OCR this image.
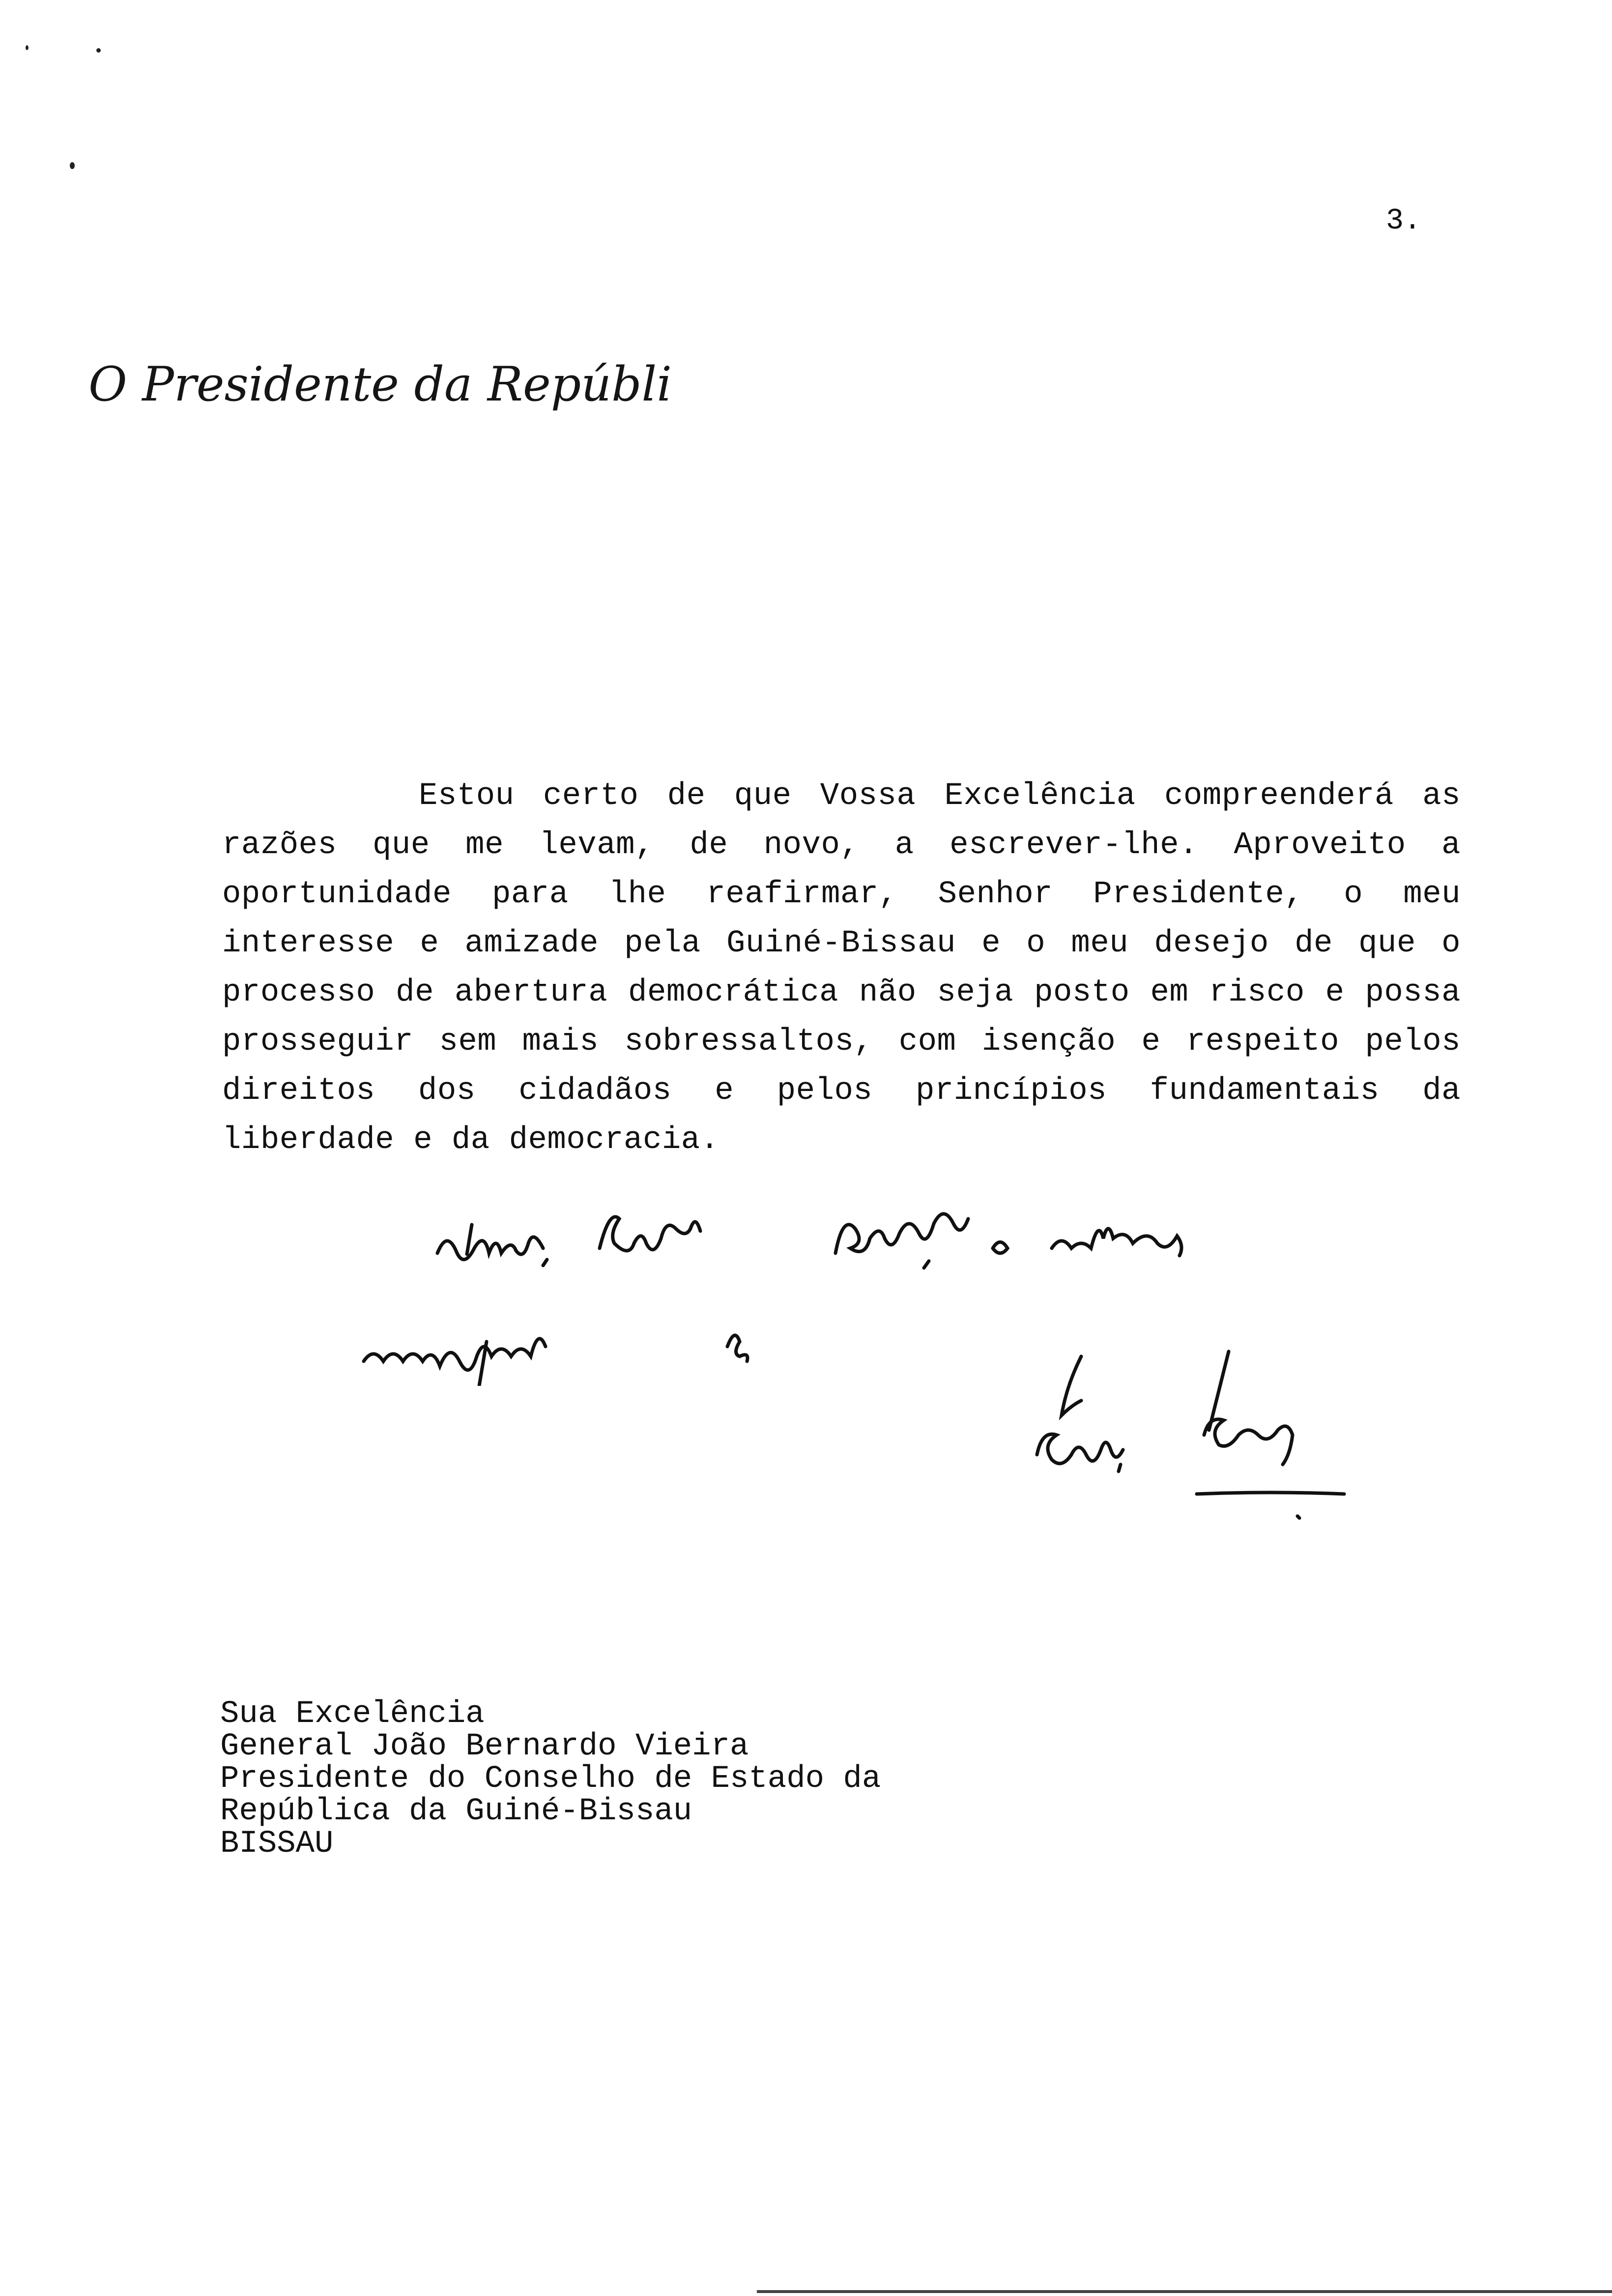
3.
O Presidente da República
Estou certo de que Vossa Excelência compreenderá as razões que me levam, de novo, a escrever-lhe. Aproveito a oportunidade para lhe reafirmar, Senhor Presidente, o meu interesse e amizade pela Guiné-Bissau e o meu desejo de que o processo de abertura democrática não seja posto em risco e possa prosseguir sem mais sobressaltos, com isenção e respeito pelos direitos dos cidadãos e pelos princípios fundamentais da liberdade e da democracia.
Sua Excelência
General João Bernardo Vieira
Presidente do Conselho de Estado da
República da Guiné-Bissau
BISSAU
